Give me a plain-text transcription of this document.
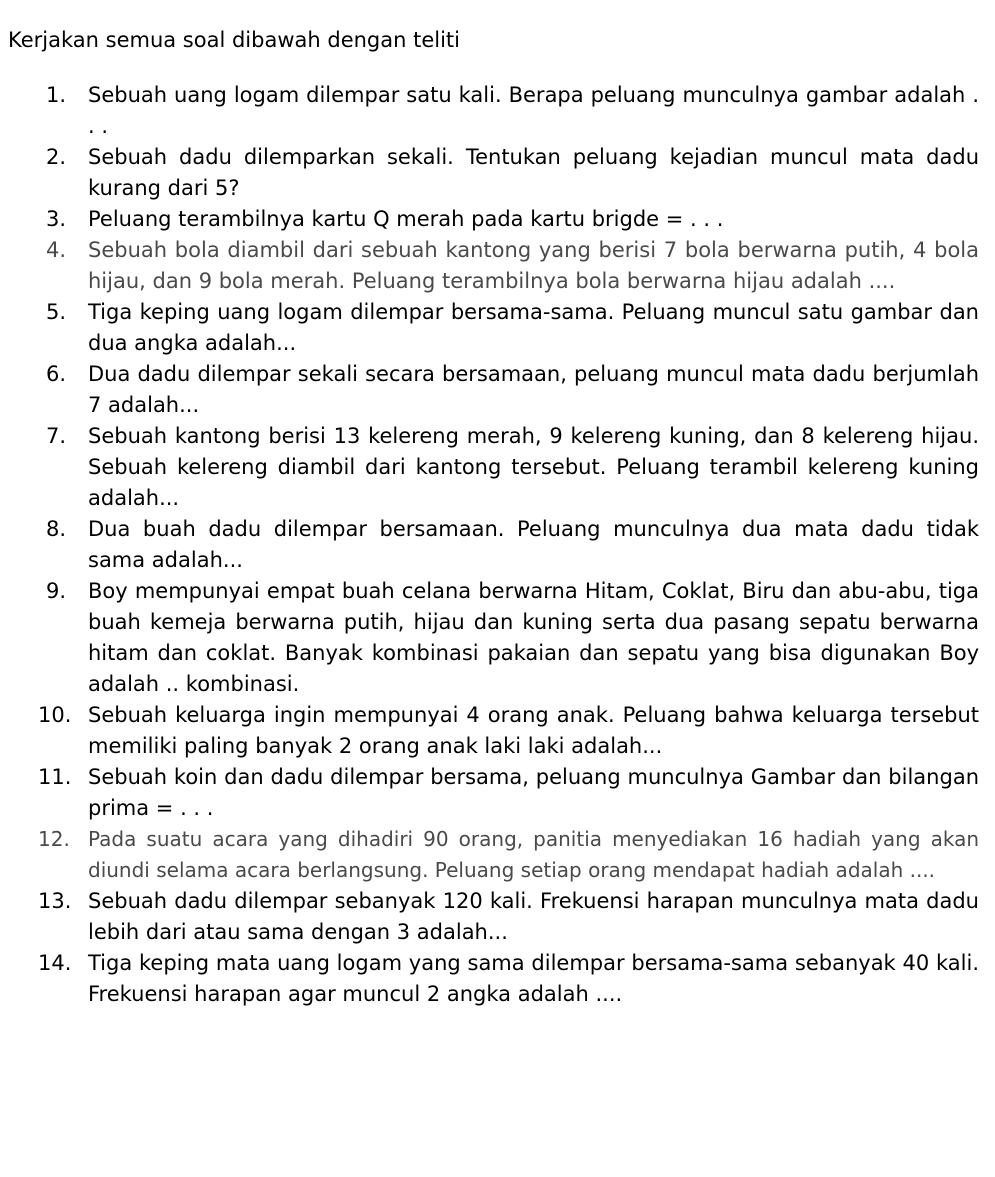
Kerjakan semua soal dibawah dengan teliti
1. Sebuah uang logam dilempar satu kali. Berapa peluang munculnya gambar adalah . . .
2. Sebuah dadu dilemparkan sekali. Tentukan peluang kejadian muncul mata dadu kurang dari 5?
3. Peluang terambilnya kartu Q merah pada kartu brigde = . . .
4. Sebuah bola diambil dari sebuah kantong yang berisi 7 bola berwarna putih, 4 bola hijau, dan 9 bola merah. Peluang terambilnya bola berwarna hijau adalah ....
5. Tiga keping uang logam dilempar bersama-sama. Peluang muncul satu gambar dan dua angka adalah...
6. Dua dadu dilempar sekali secara bersamaan, peluang muncul mata dadu berjumlah 7 adalah...
7. Sebuah kantong berisi 13 kelereng merah, 9 kelereng kuning, dan 8 kelereng hijau. Sebuah kelereng diambil dari kantong tersebut. Peluang terambil kelereng kuning adalah...
8. Dua buah dadu dilempar bersamaan. Peluang munculnya dua mata dadu tidak sama adalah...
9. Boy mempunyai empat buah celana berwarna Hitam, Coklat, Biru dan abu-abu, tiga buah kemeja berwarna putih, hijau dan kuning serta dua pasang sepatu berwarna hitam dan coklat. Banyak kombinasi pakaian dan sepatu yang bisa digunakan Boy adalah .. kombinasi.
10. Sebuah keluarga ingin mempunyai 4 orang anak. Peluang bahwa keluarga tersebut memiliki paling banyak 2 orang anak laki laki adalah...
11. Sebuah koin dan dadu dilempar bersama, peluang munculnya Gambar dan bilangan prima = . . .
12. Pada suatu acara yang dihadiri 90 orang, panitia menyediakan 16 hadiah yang akan diundi selama acara berlangsung. Peluang setiap orang mendapat hadiah adalah ....
13. Sebuah dadu dilempar sebanyak 120 kali. Frekuensi harapan munculnya mata dadu lebih dari atau sama dengan 3 adalah...
14. Tiga keping mata uang logam yang sama dilempar bersama-sama sebanyak 40 kali. Frekuensi harapan agar muncul 2 angka adalah ....
